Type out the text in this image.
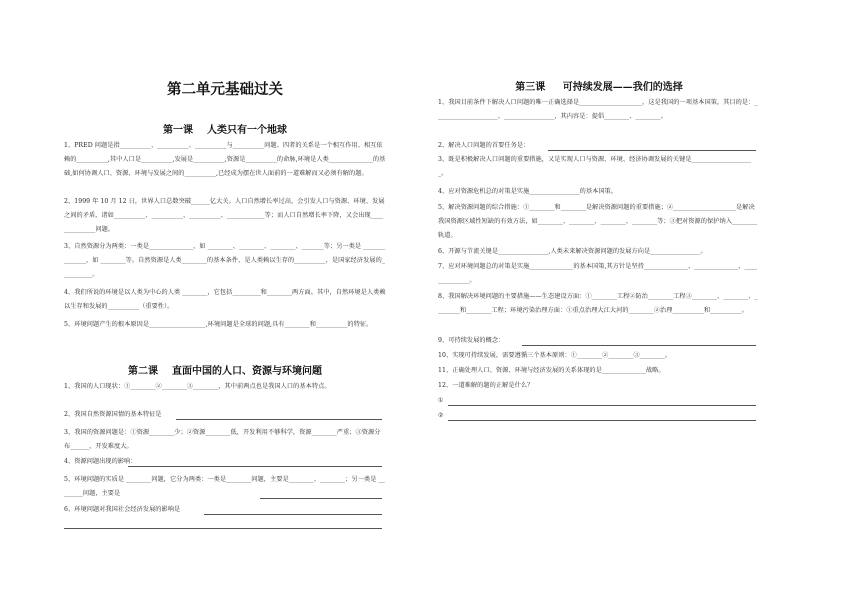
第二单元基础过关
第一课    人类只有一个地球
1、PRED 问题是指__________、__________、__________与__________问题。四者的关系是一个相互作用、相互依赖的__________,其中人口是__________,发展是__________,资源是__________的命脉,环境是人类______________的基础,如何协调人口、资源、环境与发展之间的__________,已经成为摆在世人面前的一道难解而又必须有解的题。
2、1999 年 10 月 12 日，世界人口总数突破______亿大关。人口自然增长率过高，会引发人口与资源、环境、发展之间的矛盾，诸如__________、__________、__________、____________等；而人口自然增长率下降，又会出现______________问题。
3、自然资源分为两类：一类是______________，如 ________、________、________、_______等；另一类是 ______________，如 ________等。自然资源是人类________的基本条件，是人类赖以生存的__________，是国家经济发展的__________。
4、我们所说的环境是以人类为中心的人类 ________，它包括_________和________两方面。其中，自然环境是人类赖以生存和发展的__________（重要性）。
5、环境问题产生的根本原因是__________________,环境问题是全球的问题,具有________和__________的特征。
第二课    直面中国的人口、资源与环境问题
1、我国的人口现状：①________②________③________，其中前两点也是我国人口的基本特点。
2、我国自然资源国情的基本特征是
3、我国的资源问题是：①资源________少；②资源________低，开发利用不够科学，资源________严重；③资源分布______，开发难度大。
4、资源问题出现的影响：
5、环境问题的实质是 ________问题，它分为两类：一类是________问题，主要是________、________；另一类是 ________问题，主要是
6、环境问题对我国社会经济发展的影响是
第三课     可持续发展——我们的选择
1、我国目前条件下解决人口问题的唯一正确选择是____________________，这是我国的一项基本国策。其目的是：____________________、________________，其内容是：提倡________、________。
2、解决人口问题的首要任务是：
3、既是积极解决人口问题的重要措施，又是实现人口与资源、环境、经济协调发展的关键是____________________。
4、应对资源危机总的对策是实施________________的基本国策。
5、解决资源问题的综合措施：①________和________是解决资源问题的重要措施；②____________________是解决我国资源区域性短缺的有效方法，如________、________、________、________等；③把对资源的保护纳入________轨道。
6、开源与节流关键是________________,人类未来解决资源问题的发展方向是________________。
7、应对环境问题总的对策是实施______________的基本国策,其方针是坚持______________、______________、______________。
8、我国解决环境问题的主要措施——生态建设方面：①________工程②防治________工程③________、________、________和________工程；环境污染治理方面：①重点治理大江大河的________②治理__________和__________。
9、可持续发展的概念：
10、实现可持续发展，需要遵循三个基本原则：①________②________③________。
11、正确处理人口、资源、环境与经济发展的关系体现的是______________战略。
12、一道难解的题的正解是什么？
①
②
